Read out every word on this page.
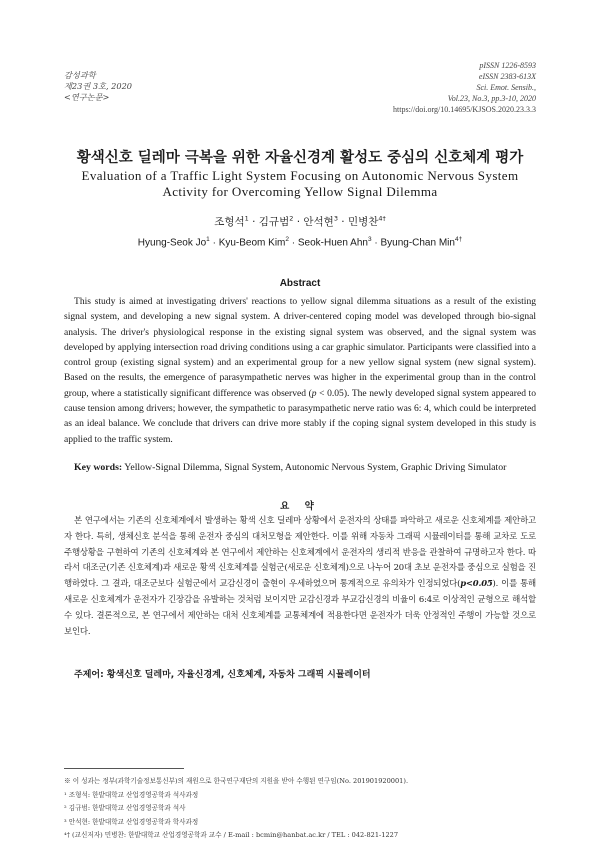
감성과학
제23권 3호, 2020
<연구논문>
pISSN 1226-8593
eISSN 2383-613X
Sci. Emot. Sensib.,
Vol.23, No.3, pp.3-10, 2020
https://doi.org/10.14695/KJSOS.2020.23.3.3
황색신호 딜레마 극복을 위한 자율신경계 활성도 중심의 신호체계 평가
Evaluation of a Traffic Light System Focusing on Autonomic Nervous System
Activity for Overcoming Yellow Signal Dilemma
조형석$^1$ · 김규범$^2$ · 안석현$^3$ · 민병찬$^{4\dagger}$
Hyung-Seok $Jo^1$ · Kyu-Beom Kim$^2$ · Seok-Huen Ahn$^3$ · Byung-Chan Min$^{4\dagger}$
Abstract
This study is aimed at investigating drivers' reactions to yellow signal dilemma situations as a result of the existing signal system, and developing a new signal system. A driver-centered coping model was developed through bio-signal analysis. The driver's physiological response in the existing signal system was observed, and the signal system was developed by applying intersection road driving conditions using a car graphic simulator. Participants were classified into a control group (existing signal system) and an experimental group for a new yellow signal system (new signal system). Based on the results, the emergence of parasympathetic nerves was higher in the experimental group than in the control group, where a statistically significant difference was observed (p < 0.05). The newly developed signal system appeared to cause tension among drivers; however, the sympathetic to parasympathetic nerve ratio was 6: 4, which could be interpreted as an ideal balance. We conclude that drivers can drive more stably if the coping signal system developed in this study is applied to the traffic system.
Key words: Yellow-Signal Dilemma, Signal System, Autonomic Nervous System, Graphic Driving Simulator
요 약
본 연구에서는 기존의 신호체계에서 발생하는 황색 신호 딜레마 상황에서 운전자의 상태를 파악하고 새로운 신호체계를 제안하고자 한다. 특히, 생체신호 분석을 통해 운전자 중심의 대처모형을 제안한다. 이를 위해 자동차 그래픽 시뮬레이터를 통해 교차로 도로 주행상황을 구현하여 기존의 신호체계와 본 연구에서 제안하는 신호체계에서 운전자의 생리적 반응을 관찰하여 규명하고자 한다. 따라서 대조군(기존 신호체계)과 새로운 황색 신호체계를 실험군(새로운 신호체계)으로 나누어 20대 초보 운전자를 중심으로 실험을 진행하였다. 그 결과, 대조군보다 실험군에서 교감신경이 출현이 우세하였으며 통계적으로 유의차가 인정되었다(p<0.05). 이를 통해 새로운 신호체계가 운전자가 긴장감을 유발하는 것처럼 보이지만 교감신경과 부교감신경의 비율이 6:4로 이상적인 균형으로 해석할 수 있다. 결론적으로, 본 연구에서 제안하는 대처 신호체계를 교통체계에 적용한다면 운전자가 더욱 안정적인 주행이 가능할 것으로 보인다.
주제어: 황색신호 딜레마, 자율신경계, 신호체계, 자동차 그래픽 시뮬레이터
※ 이 성과는 정부(과학기술정보통신부)의 재원으로 한국연구재단의 지원을 받아 수행된 연구임(No. 201901920001).
¹ 조형석: 한밭대학교 산업경영공학과 석사과정
² 김규범: 한밭대학교 산업경영공학과 석사
³ 안석현: 한밭대학교 산업경영공학과 학사과정
⁴† (교신저자) 민병찬: 한밭대학교 산업경영공학과 교수 / E-mail : bcmin@hanbat.ac.kr / TEL : 042-821-1227
